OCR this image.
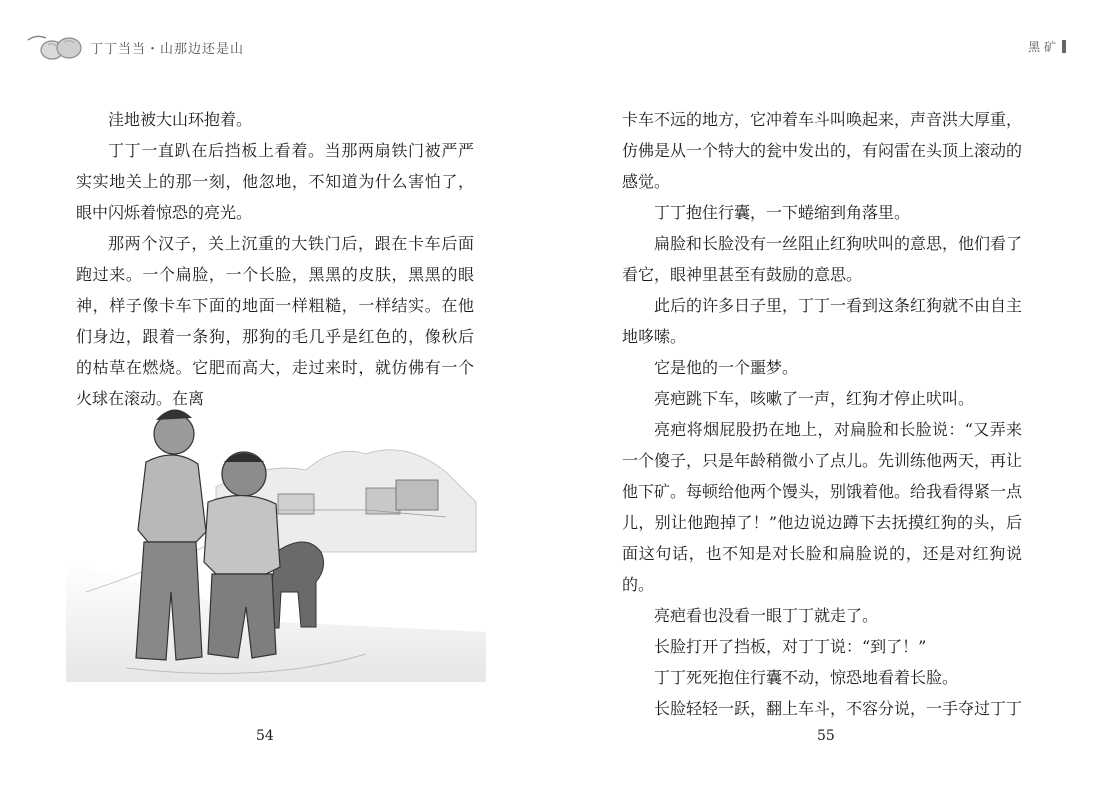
丁丁当当・山那边还是山	黑 矿

洼地被大山环抱着。

丁丁一直趴在后挡板上看着。当那两扇铁门被严严实实地关上的那一刻，他忽地，不知道为什么害怕了，眼中闪烁着惊恐的亮光。

那两个汉子，关上沉重的大铁门后，跟在卡车后面跑过来。一个扁脸，一个长脸，黑黑的皮肤，黑黑的眼神，样子像卡车下面的地面一样粗糙，一样结实。在他们身边，跟着一条狗，那狗的毛几乎是红色的，像秋后的枯草在燃烧。它肥而高大，走过来时，就仿佛有一个火球在滚动。在离

卡车不远的地方，它冲着车斗叫唤起来，声音洪大厚重，仿佛是从一个特大的瓮中发出的，有闷雷在头顶上滚动的感觉。

丁丁抱住行囊，一下蜷缩到角落里。

扁脸和长脸没有一丝阻止红狗吠叫的意思，他们看了看它，眼神里甚至有鼓励的意思。

此后的许多日子里，丁丁一看到这条红狗就不由自主地哆嗦。

它是他的一个噩梦。

亮疤跳下车，咳嗽了一声，红狗才停止吠叫。

亮疤将烟屁股扔在地上，对扁脸和长脸说：“又弄来一个傻子，只是年龄稍微小了点儿。先训练他两天，再让他下矿。每顿给他两个馒头，别饿着他。给我看得紧一点儿，别让他跑掉了！”他边说边蹲下去抚摸红狗的头，后面这句话，也不知是对长脸和扁脸说的，还是对红狗说的。

亮疤看也没看一眼丁丁就走了。

长脸打开了挡板，对丁丁说：“到了！”

丁丁死死抱住行囊不动，惊恐地看着长脸。

长脸轻轻一跃，翻上车斗，不容分说，一手夺过丁丁

54	55
